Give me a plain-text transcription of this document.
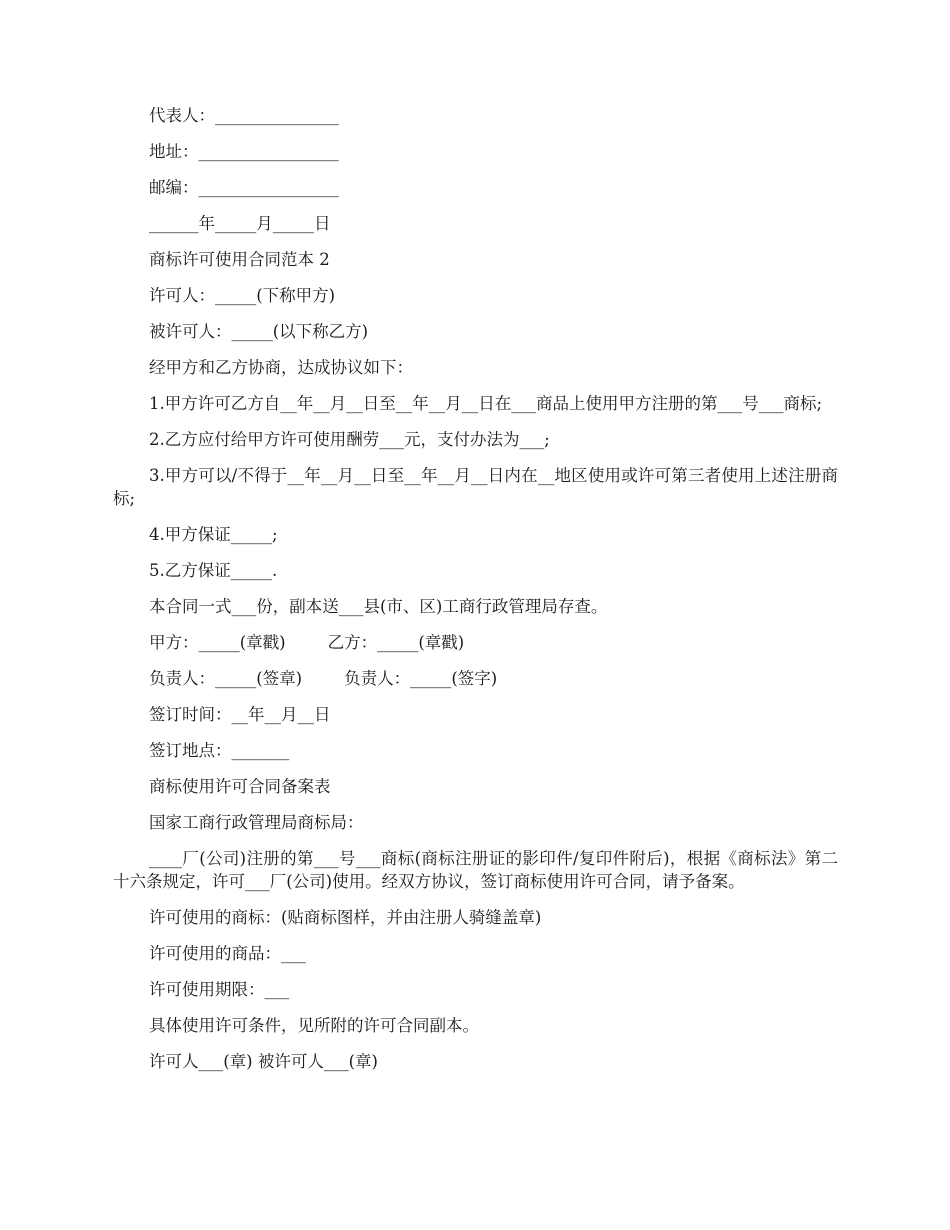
代表人：_______________

地址：_________________

邮编：_________________

______年_____月_____日

商标许可使用合同范本 2

许可人：_____(下称甲方)

被许可人：_____(以下称乙方)

经甲方和乙方协商，达成协议如下：

1.甲方许可乙方自__年__月__日至__年__月__日在___商品上使用甲方注册的第___号___商标;

2.乙方应付给甲方许可使用酬劳___元，支付办法为___;

3.甲方可以/不得于__年__月__日至__年__月__日内在__地区使用或许可第三者使用上述注册商标;

4.甲方保证_____;

5.乙方保证_____.

本合同一式___份，副本送___县(市、区)工商行政管理局存查。

甲方：_____(章戳)        乙方：_____(章戳)

负责人：_____(签章)        负责人：_____(签字)

签订时间：__年__月__日

签订地点：_______

商标使用许可合同备案表

国家工商行政管理局商标局：

____厂(公司)注册的第___号___商标(商标注册证的影印件/复印件附后)，根据《商标法》第二十六条规定，许可___厂(公司)使用。经双方协议，签订商标使用许可合同，请予备案。

许可使用的商标：(贴商标图样，并由注册人骑缝盖章)

许可使用的商品：___

许可使用期限：___

具体使用许可条件，见所附的许可合同副本。

许可人___(章) 被许可人___(章)
